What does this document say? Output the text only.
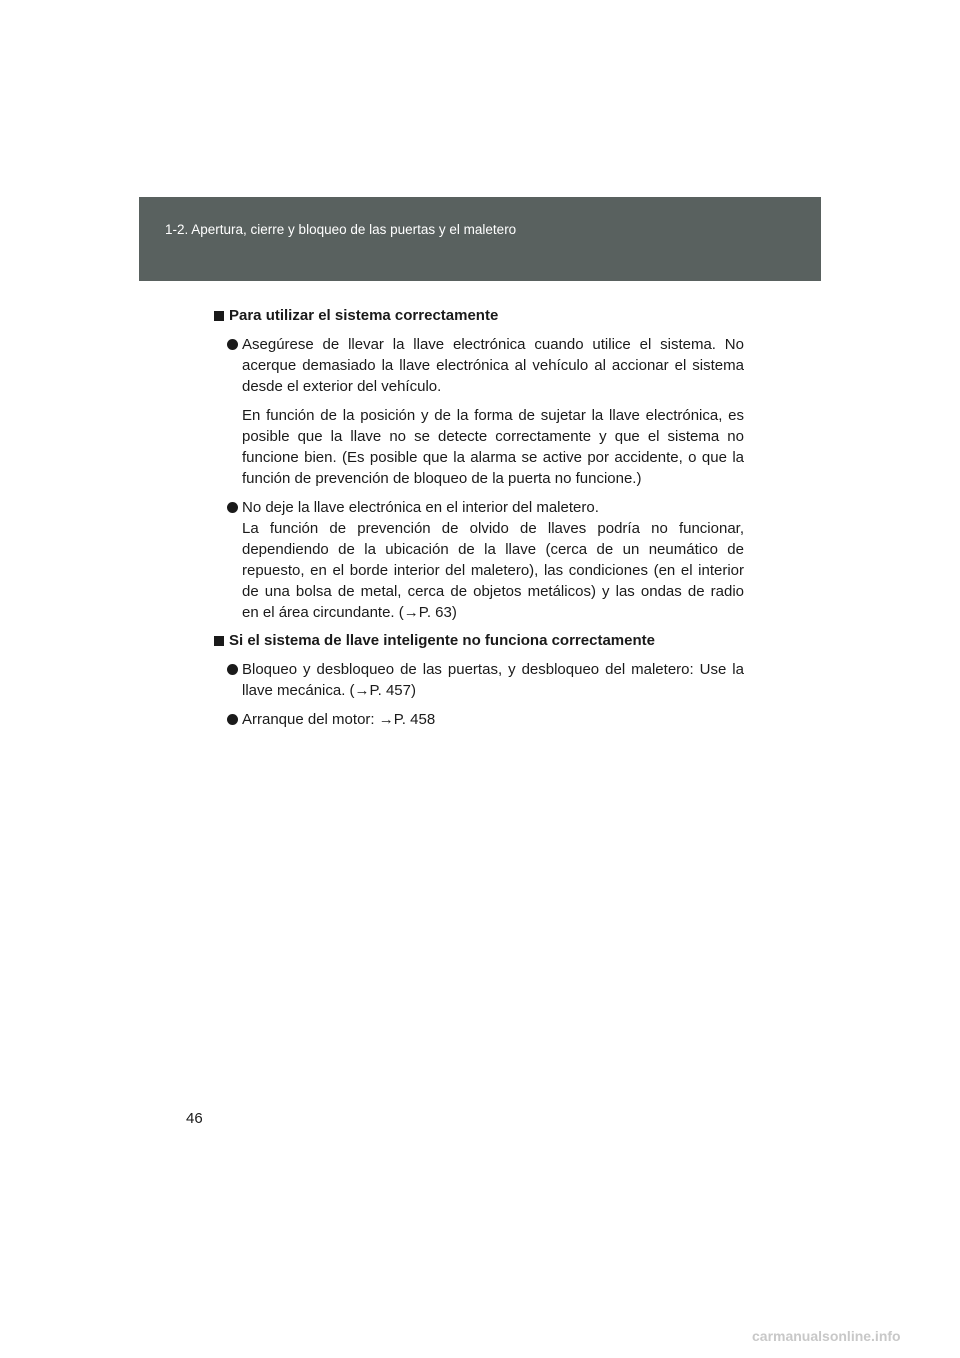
1-2. Apertura, cierre y bloqueo de las puertas y el maletero
Para utilizar el sistema correctamente

Asegúrese de llevar la llave electrónica cuando utilice el sistema. No
acerque demasiado la llave electrónica al vehículo al accionar el sistema
desde el exterior del vehículo.

En función de la posición y de la forma de sujetar la llave electrónica, es
posible que la llave no se detecte correctamente y que el sistema no
funcione bien. (Es posible que la alarma se active por accidente, o que la
función de prevención de bloqueo de la puerta no funcione.)

No deje la llave electrónica en el interior del maletero.
La función de prevención de olvido de llaves podría no funcionar,
dependiendo de la ubicación de la llave (cerca de un neumático de
repuesto, en el borde interior del maletero), las condiciones (en el interior
de una bolsa de metal, cerca de objetos metálicos) y las ondas de radio
en el área circundante. (→P. 63)

Si el sistema de llave inteligente no funciona correctamente

Bloqueo y desbloqueo de las puertas, y desbloqueo del maletero: Use la
llave mecánica. (→P. 457)

Arranque del motor: →P. 458

46
carmanualsonline.info
